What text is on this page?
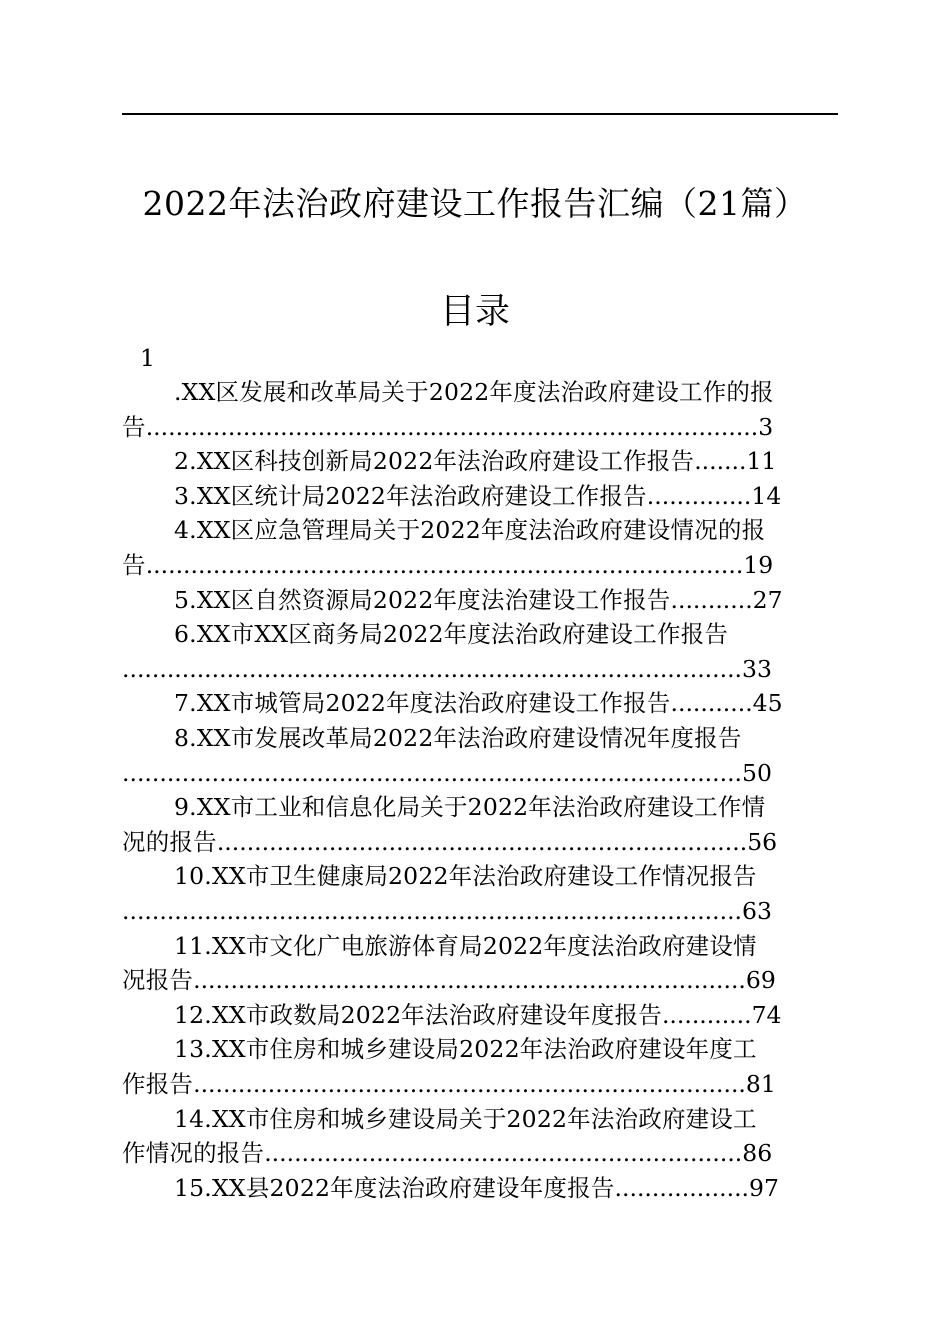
2022年法治政府建设工作报告汇编（21篇）
目录
1
.XX区发展和改革局关于2022年度法治政府建设工作的报
告..................................................................................3
2.XX区科技创新局2022年法治政府建设工作报告.......11
3.XX区统计局2022年法治政府建设工作报告..............14
4.XX区应急管理局关于2022年度法治政府建设情况的报
告................................................................................19
5.XX区自然资源局2022年度法治建设工作报告...........27
6.XX市XX区商务局2022年度法治政府建设工作报告
...................................................................................33
7.XX市城管局2022年度法治政府建设工作报告...........45
8.XX市发展改革局2022年法治政府建设情况年度报告
...................................................................................50
9.XX市工业和信息化局关于2022年法治政府建设工作情
况的报告.......................................................................56
10.XX市卫生健康局2022年法治政府建设工作情况报告
...................................................................................63
11.XX市文化广电旅游体育局2022年度法治政府建设情
况报告..........................................................................69
12.XX市政数局2022年法治政府建设年度报告............74
13.XX市住房和城乡建设局2022年法治政府建设年度工
作报告..........................................................................81
14.XX市住房和城乡建设局关于2022年法治政府建设工
作情况的报告................................................................86
15.XX县2022年度法治政府建设年度报告..................97
